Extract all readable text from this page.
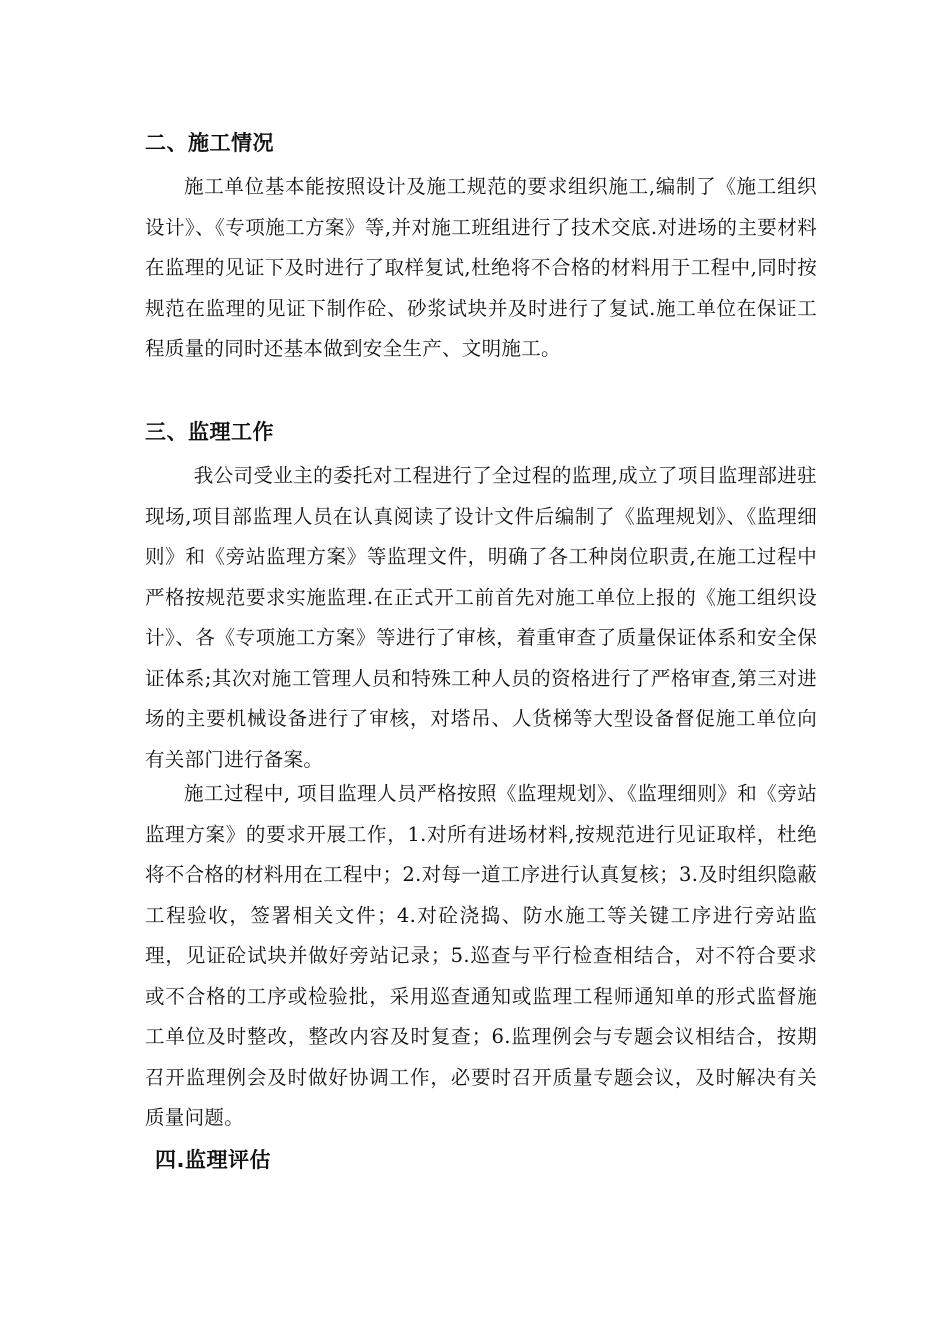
二、施工情况
施工单位基本能按照设计及施工规范的要求组织施工,编制了《施工组织设计》、《专项施工方案》等,并对施工班组进行了技术交底.对进场的主要材料在监理的见证下及时进行了取样复试,杜绝将不合格的材料用于工程中,同时按规范在监理的见证下制作砼、砂浆试块并及时进行了复试.施工单位在保证工程质量的同时还基本做到安全生产、文明施工。
三、监理工作
我公司受业主的委托对工程进行了全过程的监理,成立了项目监理部进驻现场,项目部监理人员在认真阅读了设计文件后编制了《监理规划》、《监理细则》和《旁站监理方案》等监理文件，明确了各工种岗位职责,在施工过程中严格按规范要求实施监理.在正式开工前首先对施工单位上报的《施工组织设计》、各《专项施工方案》等进行了审核，着重审查了质量保证体系和安全保证体系;其次对施工管理人员和特殊工种人员的资格进行了严格审查,第三对进场的主要机械设备进行了审核，对塔吊、人货梯等大型设备督促施工单位向有关部门进行备案。
施工过程中, 项目监理人员严格按照《监理规划》、《监理细则》和《旁站监理方案》的要求开展工作，1.对所有进场材料,按规范进行见证取样，杜绝将不合格的材料用在工程中；2.对每一道工序进行认真复核；3.及时组织隐蔽工程验收，签署相关文件；4.对砼浇捣、防水施工等关键工序进行旁站监理，见证砼试块并做好旁站记录；5.巡查与平行检查相结合，对不符合要求或不合格的工序或检验批，采用巡查通知或监理工程师通知单的形式监督施工单位及时整改，整改内容及时复查；6.监理例会与专题会议相结合，按期召开监理例会及时做好协调工作，必要时召开质量专题会议，及时解决有关质量问题。
四.监理评估
